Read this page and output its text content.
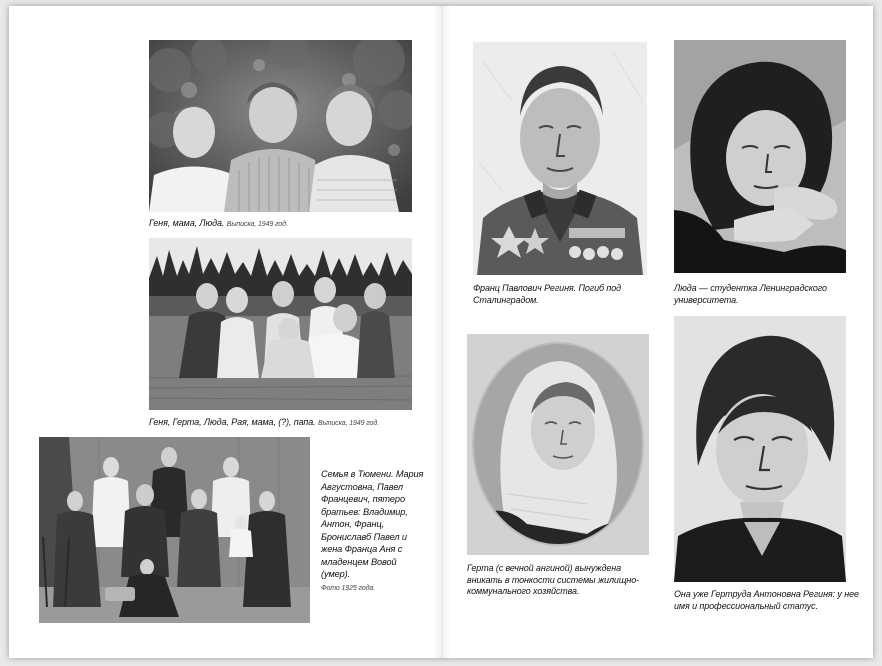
Геня, мама, Люда. Выписка, 1949 год.
Геня, Герта, Люда, Рая, мама, (?), папа. Выписка, 1949 год.
Семья в Тюмени. Мария Августовна, Павел Францевич, пятеро братьев: Владимир, Антон, Франц, Брониславб Павел и жена Франца Аня с младенцем Вовой (умер).
Фото 1925 года.
Франц Павлович Региня. Погиб под Сталинградом.
Люда — студентка Ленинградского университета.
Герта (с вечной ангиной) вынуждена вникать в тонкости системы жилищно-коммунального хозяйства.	Она уже Гертруда Антоновна Региня: у нее имя и профессиональный статус.
